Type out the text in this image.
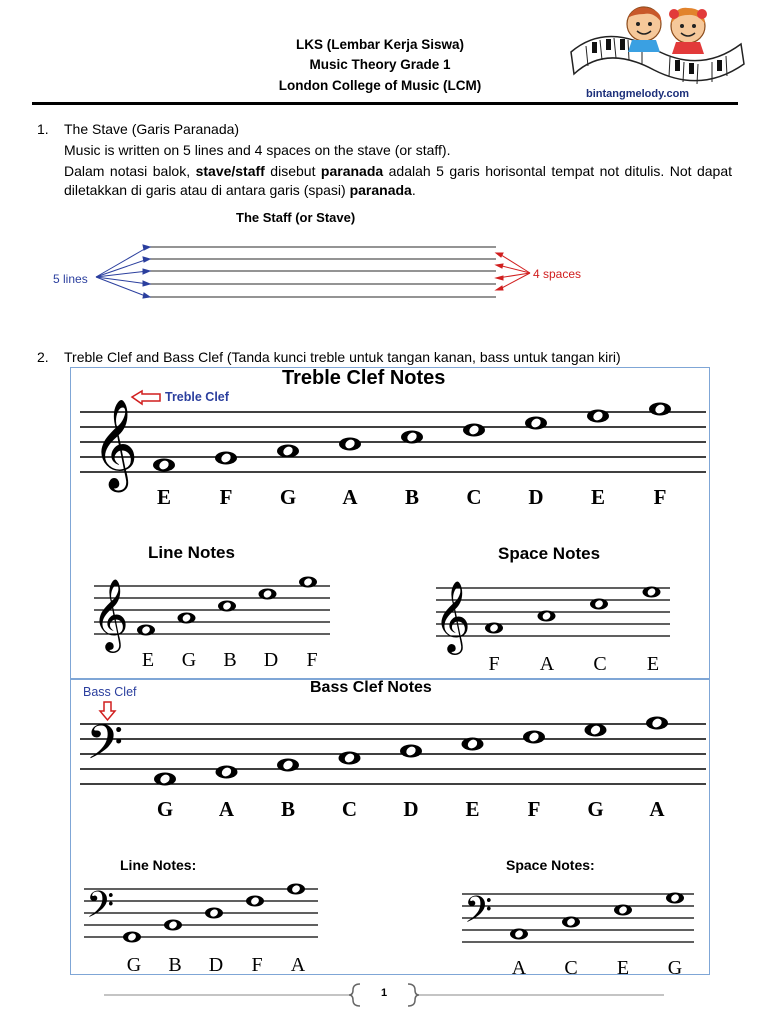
LKS (Lembar Kerja Siswa)
Music Theory Grade 1
London College of Music (LCM)
bintangmelody.com
1. The Stave (Garis Paranada)
Music is written on 5 lines and 4 spaces on the stave (or staff).
Dalam notasi balok, stave/staff disebut paranada adalah 5 garis horisontal tempat not ditulis. Not dapat diletakkan di garis atau di antara garis (spasi) paranada.
The Staff (or Stave)
5 lines	4 spaces
2. Treble Clef and Bass Clef (Tanda kunci treble untuk tangan kanan, bass untuk tangan kiri)
Treble Clef Notes
Treble Clef
𝄞
E	F	G	A	B	C	D	E	F
Line Notes	Space Notes
𝄞	𝄞
E	G	B	D	F	F	A	C	E
Bass Clef	Bass Clef Notes
𝄢
G	A	B	C	D	E	F	G	A
Line Notes:	Space Notes:
𝄢	𝄢
G	B	D	F	A	A	C	E	G
1
